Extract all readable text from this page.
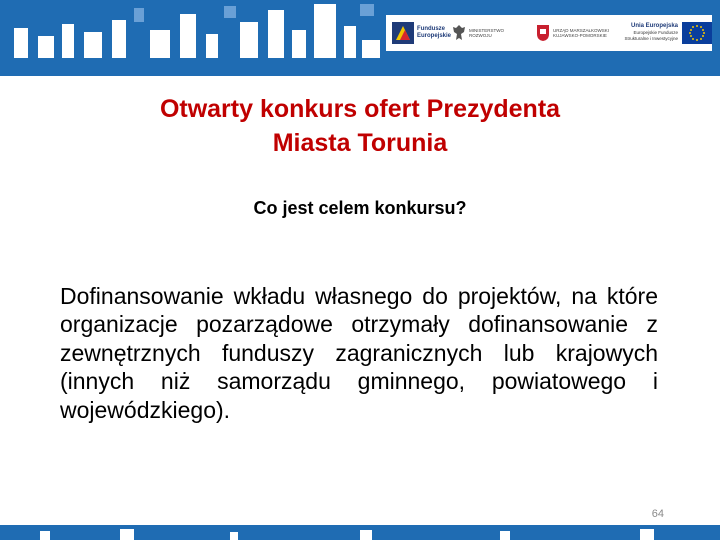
Fundusze
Europejskie
MINISTERSTWO
ROZWOJU
URZĄD MARSZAŁKOWSKI
KUJAWSKO-POMORSKIE
Unia Europejska
Europejskie Fundusze
Strukturalne i Inwestycyjne
Otwarty konkurs ofert Prezydenta
Miasta Torunia
Co jest celem konkursu?
Dofinansowanie wkładu własnego do projektów, na które organizacje pozarządowe otrzymały dofinansowanie z zewnętrznych funduszy zagranicznych lub krajowych (innych niż samorządu gminnego, powiatowego i wojewódzkiego).
64
